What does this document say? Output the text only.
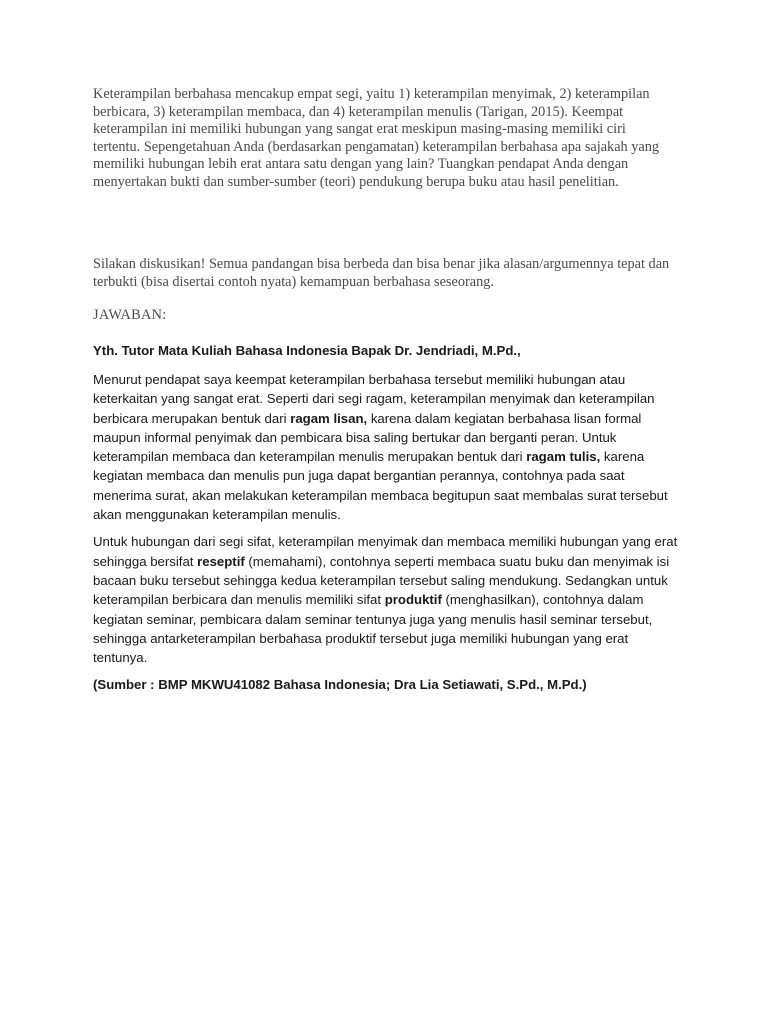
Keterampilan berbahasa mencakup empat segi, yaitu 1) keterampilan menyimak, 2) keterampilan berbicara, 3) keterampilan membaca, dan 4) keterampilan menulis (Tarigan, 2015). Keempat keterampilan ini memiliki hubungan yang sangat erat meskipun masing-masing memiliki ciri tertentu. Sepengetahuan Anda (berdasarkan pengamatan) keterampilan berbahasa apa sajakah yang memiliki hubungan lebih erat antara satu dengan yang lain? Tuangkan pendapat Anda dengan menyertakan bukti dan sumber-sumber (teori) pendukung berupa buku atau hasil penelitian.

Silakan diskusikan! Semua pandangan bisa berbeda dan bisa benar jika alasan/argumennya tepat dan terbukti (bisa disertai contoh nyata) kemampuan berbahasa seseorang.

JAWABAN:

Yth. Tutor Mata Kuliah Bahasa Indonesia Bapak Dr. Jendriadi, M.Pd.,

Menurut pendapat saya keempat keterampilan berbahasa tersebut memiliki hubungan atau keterkaitan yang sangat erat. Seperti dari segi ragam, keterampilan menyimak dan keterampilan berbicara merupakan bentuk dari ragam lisan, karena dalam kegiatan berbahasa lisan formal maupun informal penyimak dan pembicara bisa saling bertukar dan berganti peran. Untuk keterampilan membaca dan keterampilan menulis merupakan bentuk dari ragam tulis, karena kegiatan membaca dan menulis pun juga dapat bergantian perannya, contohnya pada saat menerima surat, akan melakukan keterampilan membaca begitupun saat membalas surat tersebut akan menggunakan keterampilan menulis.

Untuk hubungan dari segi sifat, keterampilan menyimak dan membaca memiliki hubungan yang erat sehingga bersifat reseptif (memahami), contohnya seperti membaca suatu buku dan menyimak isi bacaan buku tersebut sehingga kedua keterampilan tersebut saling mendukung. Sedangkan untuk keterampilan berbicara dan menulis memiliki sifat produktif (menghasilkan), contohnya dalam kegiatan seminar, pembicara dalam seminar tentunya juga yang menulis hasil seminar tersebut, sehingga antarketerampilan berbahasa produktif tersebut juga memiliki hubungan yang erat tentunya.

(Sumber : BMP MKWU41082 Bahasa Indonesia; Dra Lia Setiawati, S.Pd., M.Pd.)
